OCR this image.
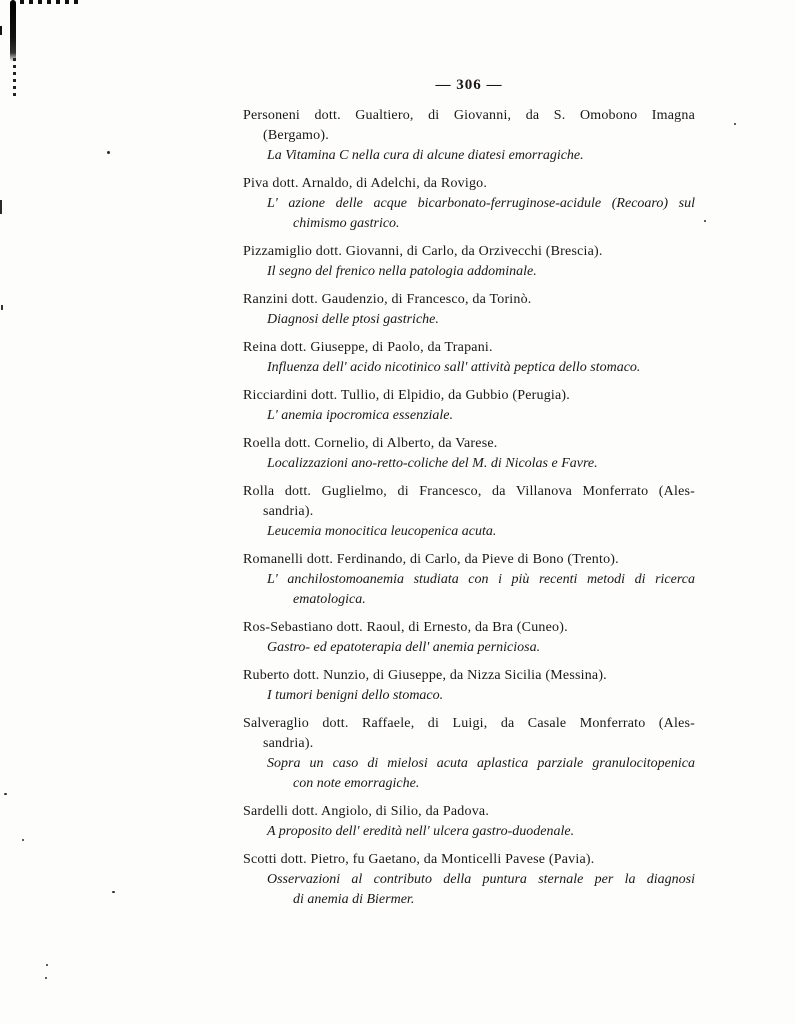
— 306 —
Personeni dott. Gualtiero, di Giovanni, da S. Omobono Imagna
(Bergamo).
La Vitamina C nella cura di alcune diatesi emorragiche.
Piva dott. Arnaldo, di Adelchi, da Rovigo.
L' azione delle acque bicarbonato-ferruginose-acidule (Recoaro) sul
chimismo gastrico.
Pizzamiglio dott. Giovanni, di Carlo, da Orzivecchi (Brescia).
Il segno del frenico nella patologia addominale.
Ranzini dott. Gaudenzio, di Francesco, da Torinò.
Diagnosi delle ptosi gastriche.
Reina dott. Giuseppe, di Paolo, da Trapani.
Influenza dell' acido nicotinico sall' attività peptica dello stomaco.
Ricciardini dott. Tullio, di Elpidio, da Gubbio (Perugia).
L' anemia ipocromica essenziale.
Roella dott. Cornelio, di Alberto, da Varese.
Localizzazioni ano-retto-coliche del M. di Nicolas e Favre.
Rolla dott. Guglielmo, di Francesco, da Villanova Monferrato (Ales-
sandria).
Leucemia monocitica leucopenica acuta.
Romanelli dott. Ferdinando, di Carlo, da Pieve di Bono (Trento).
L' anchilostomoanemia studiata con i più recenti metodi di ricerca
ematologica.
Ros-Sebastiano dott. Raoul, di Ernesto, da Bra (Cuneo).
Gastro- ed epatoterapia dell' anemia perniciosa.
Ruberto dott. Nunzio, di Giuseppe, da Nizza Sicilia (Messina).
I tumori benigni dello stomaco.
Salveraglio dott. Raffaele, di Luigi, da Casale Monferrato (Ales-
sandria).
Sopra un caso di mielosi acuta aplastica parziale granulocitopenica
con note emorragiche.
Sardelli dott. Angiolo, di Silio, da Padova.
A proposito dell' eredità nell' ulcera gastro-duodenale.
Scotti dott. Pietro, fu Gaetano, da Monticelli Pavese (Pavia).
Osservazioni al contributo della puntura sternale per la diagnosi
di anemia di Biermer.
